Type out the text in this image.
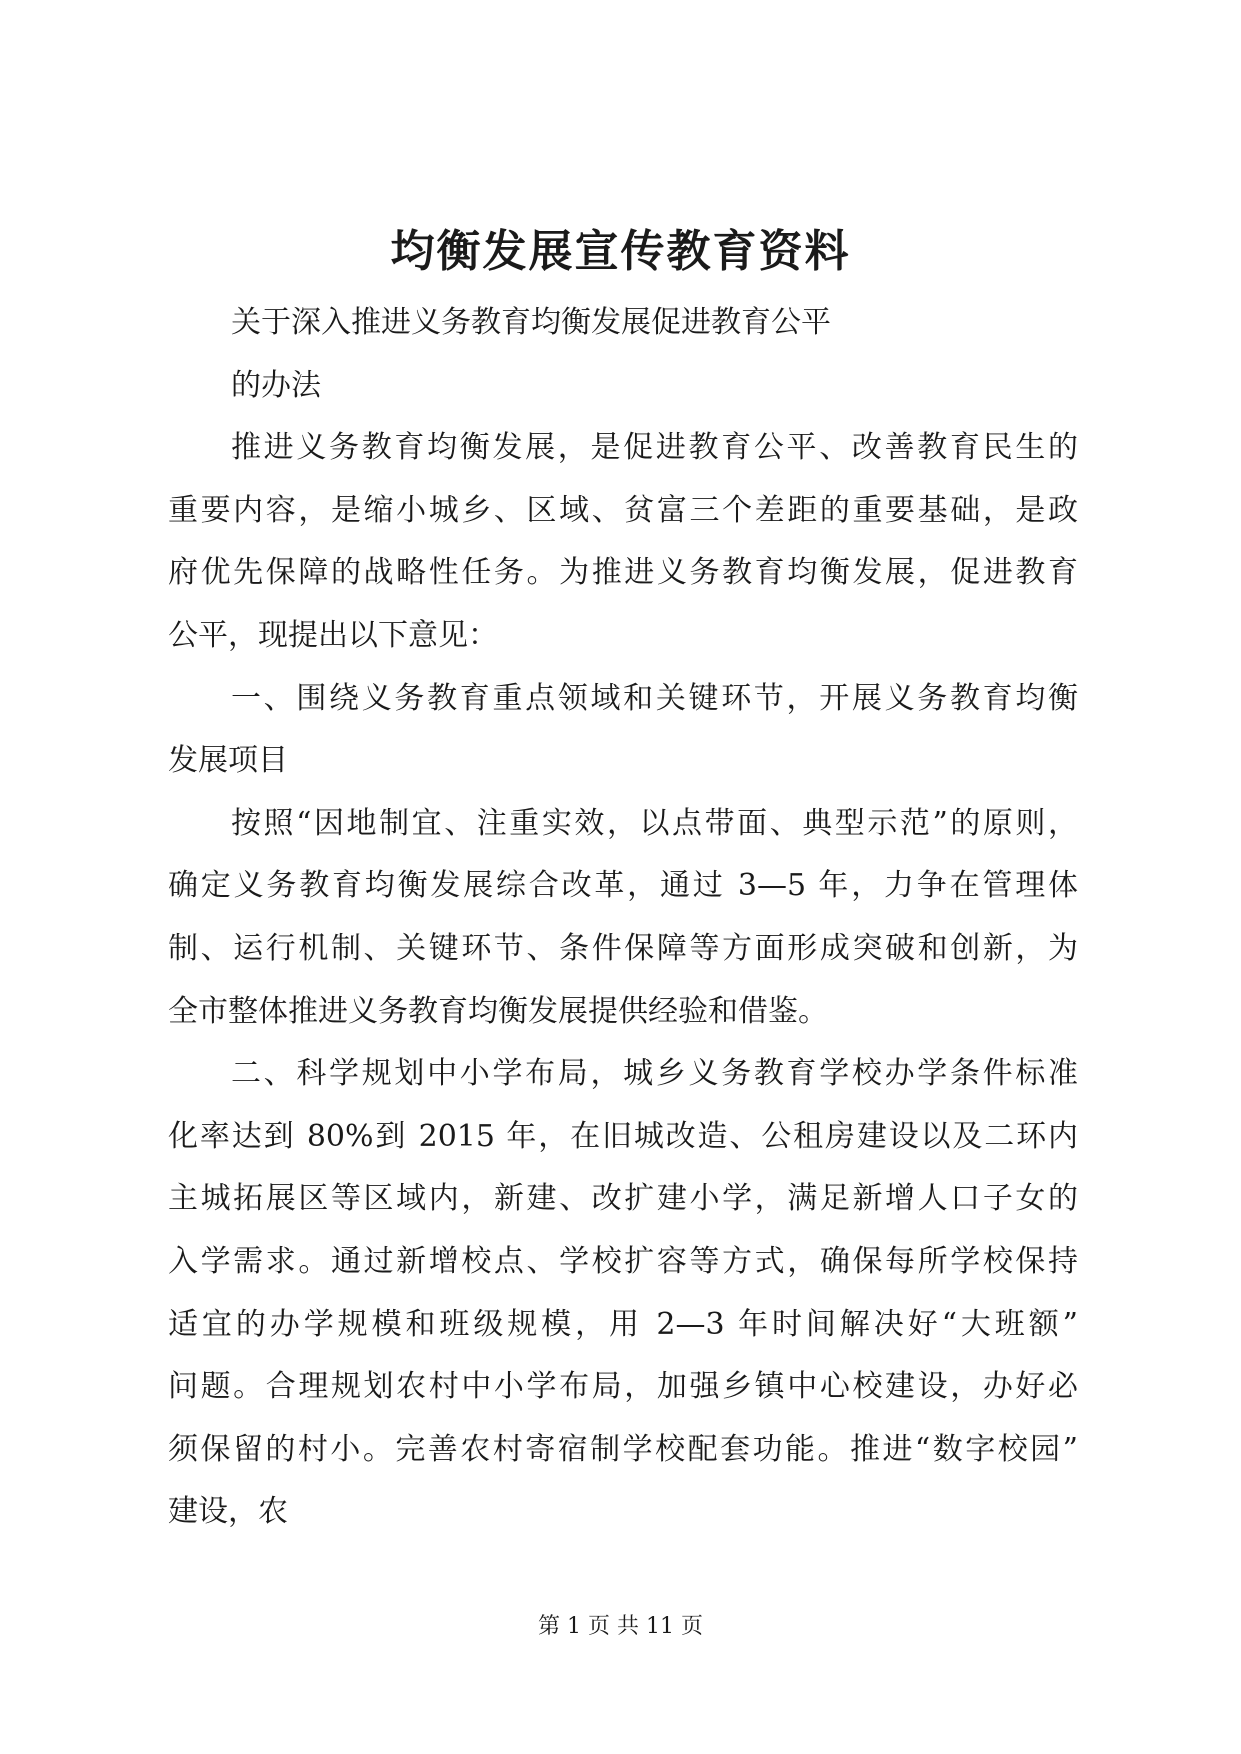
均衡发展宣传教育资料
关于深入推进义务教育均衡发展促进教育公平
的办法
推进义务教育均衡发展，是促进教育公平、改善教育民生的
重要内容，是缩小城乡、区域、贫富三个差距的重要基础，是政
府优先保障的战略性任务。为推进义务教育均衡发展，促进教育
公平，现提出以下意见：
一、围绕义务教育重点领域和关键环节，开展义务教育均衡
发展项目
按照“因地制宜、注重实效，以点带面、典型示范”的原则，
确定义务教育均衡发展综合改革，通过 3—5 年，力争在管理体
制、运行机制、关键环节、条件保障等方面形成突破和创新，为
全市整体推进义务教育均衡发展提供经验和借鉴。
二、科学规划中小学布局，城乡义务教育学校办学条件标准
化率达到 80%到 2015 年，在旧城改造、公租房建设以及二环内
主城拓展区等区域内，新建、改扩建小学，满足新增人口子女的
入学需求。通过新增校点、学校扩容等方式，确保每所学校保持
适宜的办学规模和班级规模，用 2—3 年时间解决好“大班额”
问题。合理规划农村中小学布局，加强乡镇中心校建设，办好必
须保留的村小。完善农村寄宿制学校配套功能。推进“数字校园”
建设，农

第 1 页 共 11 页
